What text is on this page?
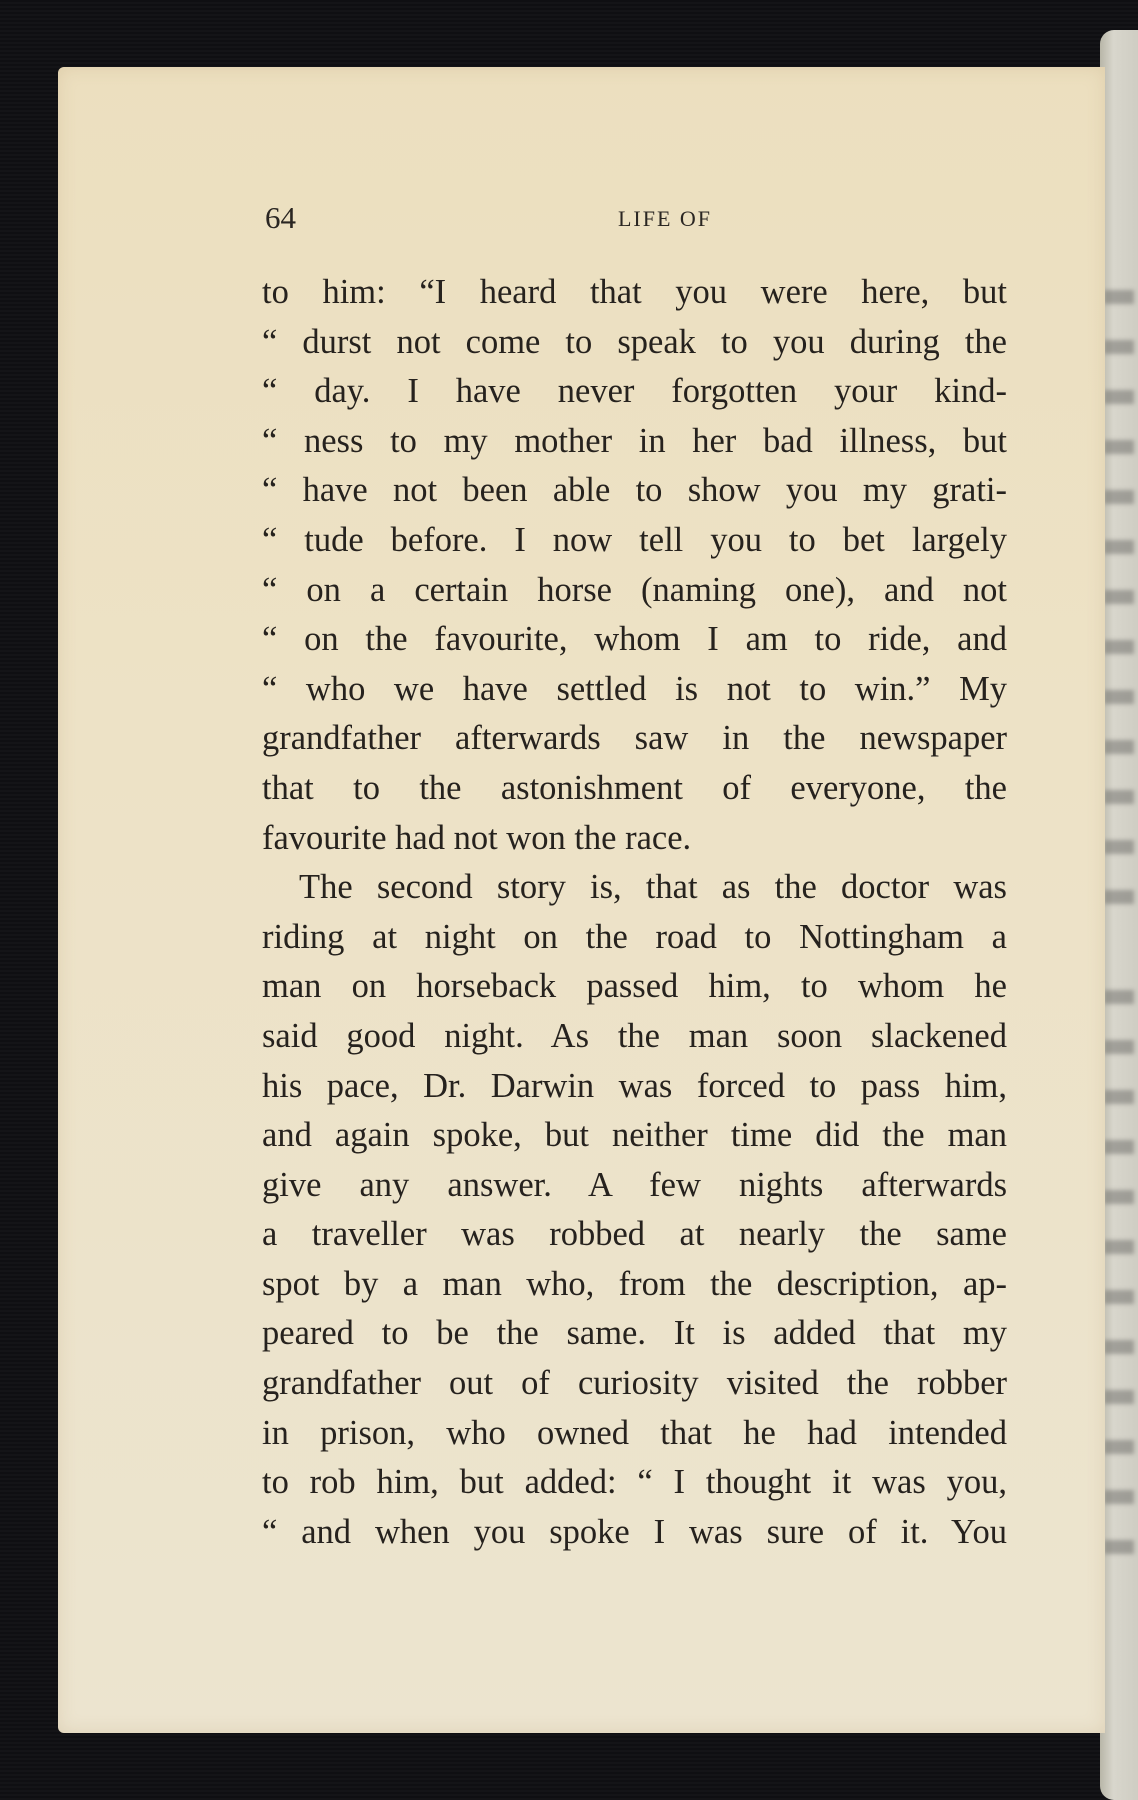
64	LIFE OF
to him: “I heard that you were here, but
“ durst not come to speak to you during the
“ day. I have never forgotten your kind-
“ ness to my mother in her bad illness, but
“ have not been able to show you my grati-
“ tude before. I now tell you to bet largely
“ on a certain horse (naming one), and not
“ on the favourite, whom I am to ride, and
“ who we have settled is not to win.” My
grandfather afterwards saw in the newspaper
that to the astonishment of everyone, the
favourite had not won the race.
The second story is, that as the doctor was
riding at night on the road to Nottingham a
man on horseback passed him, to whom he
said good night. As the man soon slackened
his pace, Dr. Darwin was forced to pass him,
and again spoke, but neither time did the man
give any answer. A few nights afterwards
a traveller was robbed at nearly the same
spot by a man who, from the description, ap-
peared to be the same. It is added that my
grandfather out of curiosity visited the robber
in prison, who owned that he had intended
to rob him, but added: “ I thought it was you,
“ and when you spoke I was sure of it. You
